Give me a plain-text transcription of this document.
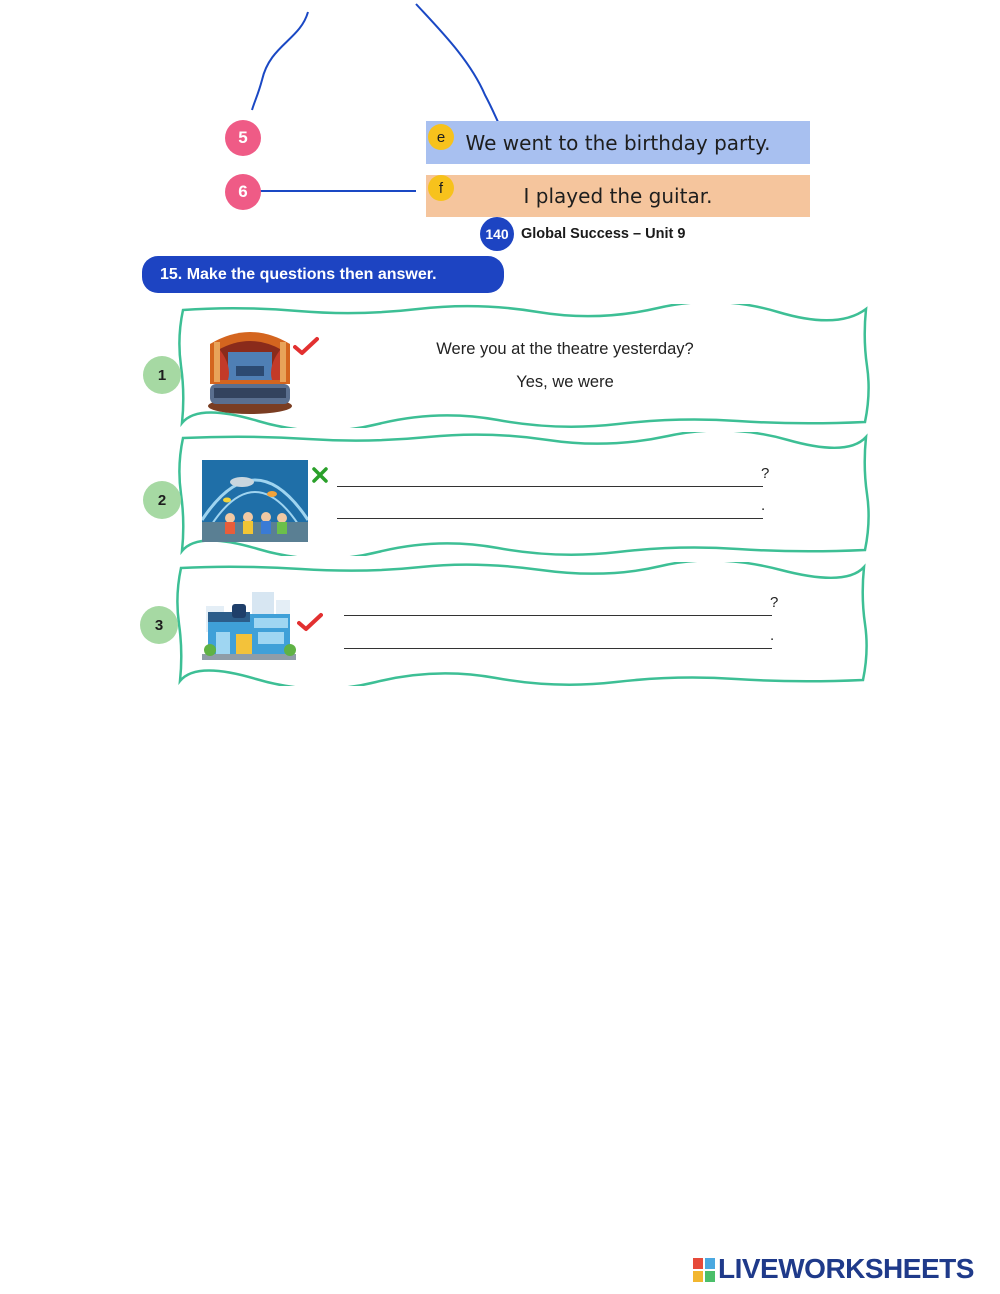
5
6
e	We went to the birthday party.
f	I played the guitar.
140 Global Success – Unit 9
15. Make the questions then answer.
1
Were you at the theatre yesterday?
Yes, we were
2
?
.
3
?
.
LIVEWORKSHEETS
